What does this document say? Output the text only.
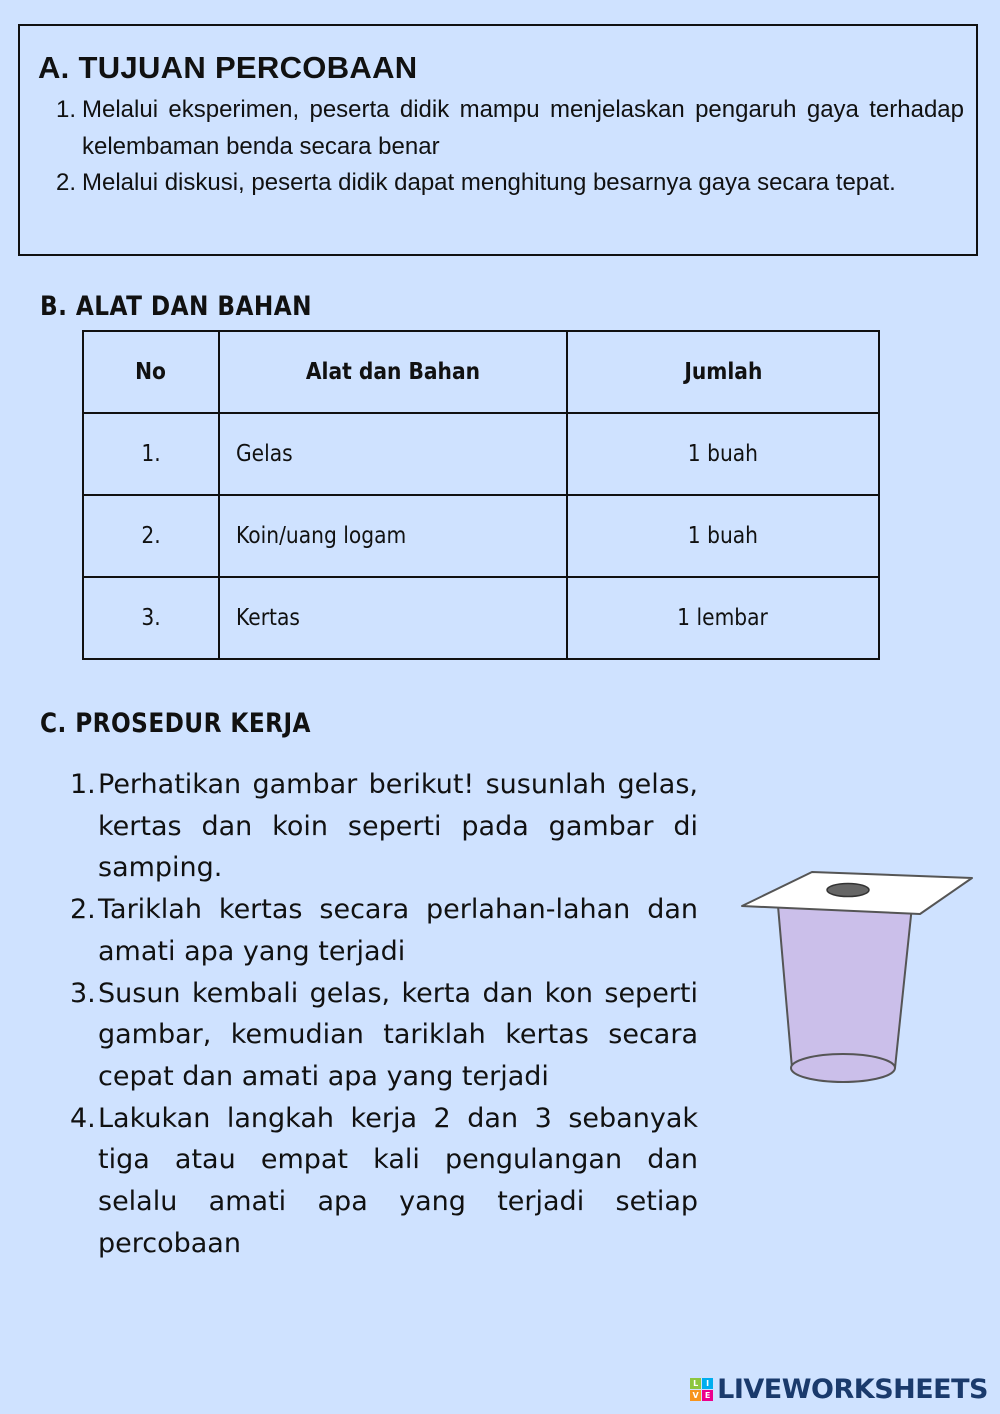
A. TUJUAN PERCOBAAN
1. Melalui eksperimen, peserta didik mampu menjelaskan pengaruh gaya terhadap kelembaman benda secara benar
2. Melalui diskusi, peserta didik dapat menghitung besarnya gaya secara tepat.
B. ALAT DAN BAHAN
No	Alat dan Bahan	Jumlah
1.	Gelas	1 buah
2.	Koin/uang logam	1 buah
3.	Kertas	1 lembar
C. PROSEDUR KERJA
1. Perhatikan gambar berikut! susunlah gelas, kertas dan koin seperti pada gambar di samping.
2. Tariklah kertas secara perlahan-lahan dan amati apa yang terjadi
3. Susun kembali gelas, kerta dan kon seperti gambar, kemudian tariklah kertas secara cepat dan amati apa yang terjadi
4. Lakukan langkah kerja 2 dan 3 sebanyak tiga atau empat kali pengulangan dan selalu amati apa yang terjadi setiap percobaan
L I
V E LIVEWORKSHEETS
